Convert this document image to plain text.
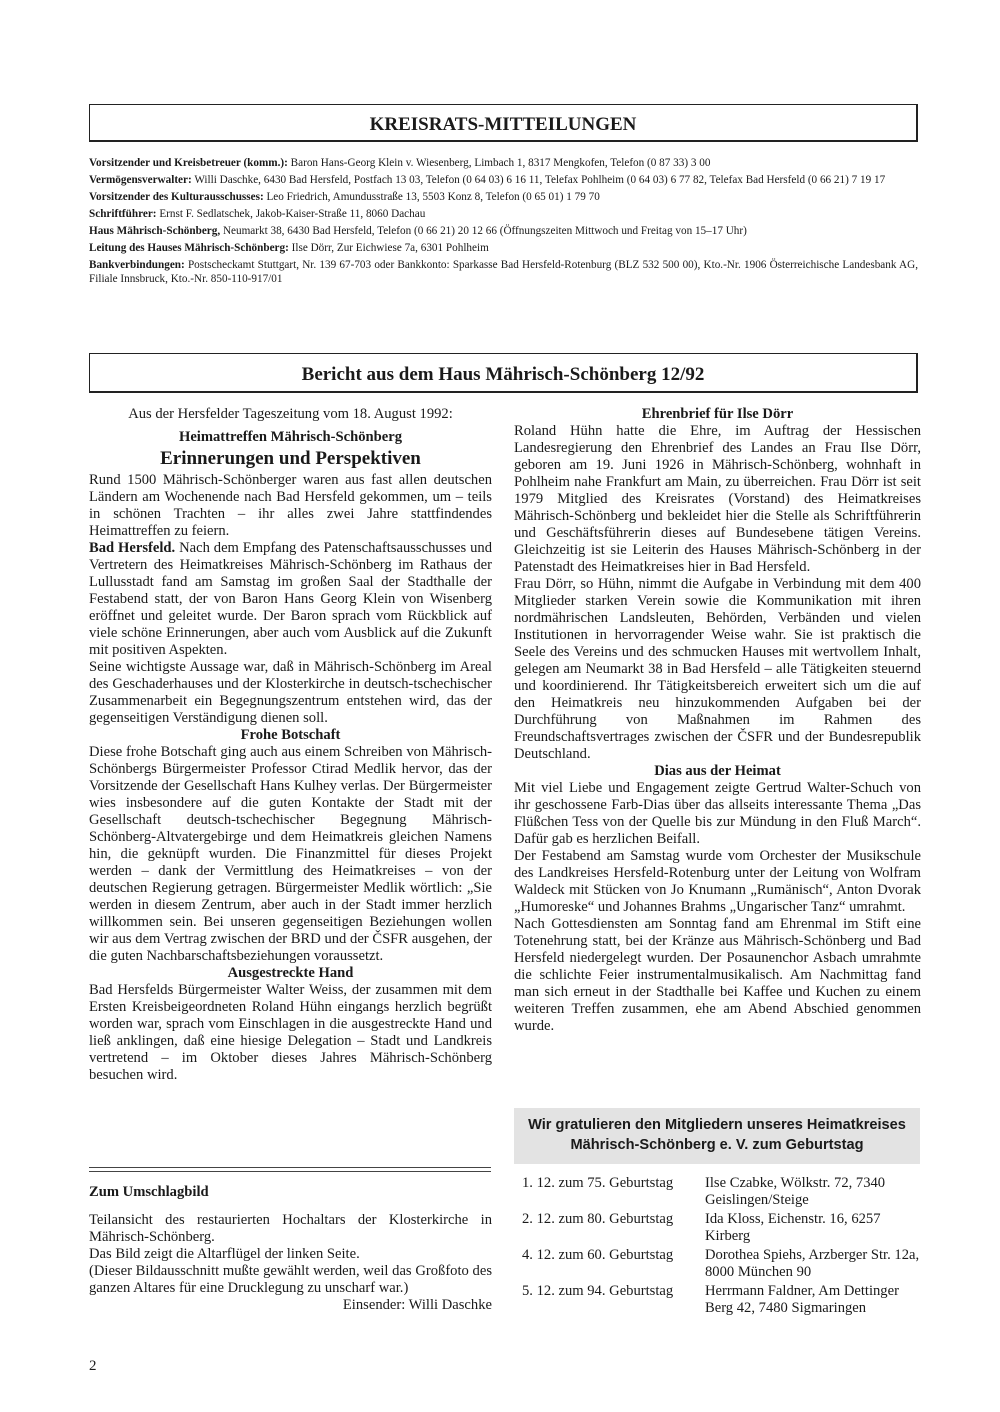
KREISRATS-MITTEILUNGEN

Vorsitzender und Kreisbetreuer (komm.): Baron Hans-Georg Klein v. Wiesenberg, Limbach 1, 8317 Mengkofen, Telefon (0 87 33) 3 00

Vermögensverwalter: Willi Daschke, 6430 Bad Hersfeld, Postfach 13 03, Telefon (0 64 03) 6 16 11, Telefax Pohlheim (0 64 03) 6 77 82, Telefax Bad Hersfeld (0 66 21) 7 19 17

Vorsitzender des Kulturausschusses: Leo Friedrich, Amundusstraße 13, 5503 Konz 8, Telefon (0 65 01) 1 79 70

Schriftführer: Ernst F. Sedlatschek, Jakob-Kaiser-Straße 11, 8060 Dachau

Haus Mährisch-Schönberg, Neumarkt 38, 6430 Bad Hersfeld, Telefon (0 66 21) 20 12 66 (Öffnungszeiten Mittwoch und Freitag von 15–17 Uhr)

Leitung des Hauses Mährisch-Schönberg: Ilse Dörr, Zur Eichwiese 7a, 6301 Pohlheim

Bankverbindungen: Postscheckamt Stuttgart, Nr. 139 67-703 oder Bankkonto: Sparkasse Bad Hersfeld-Rotenburg (BLZ 532 500 00), Kto.-Nr. 1906 Österreichische Landesbank AG, Filiale Innsbruck, Kto.-Nr. 850-110-917/01

Bericht aus dem Haus Mährisch-Schönberg 12/92

Aus der Hersfelder Tageszeitung vom 18. August 1992:

Heimattreffen Mährisch-Schönberg

Erinnerungen und Perspektiven

Rund 1500 Mährisch-Schönberger waren aus fast allen deutschen Ländern am Wochenende nach Bad Hersfeld gekommen, um – teils in schönen Trachten – ihr alles zwei Jahre stattfindendes Heimattreffen zu feiern.

Bad Hersfeld. Nach dem Empfang des Patenschaftsausschusses und Vertretern des Heimatkreises Mährisch-Schönberg im Rathaus der Lullusstadt fand am Samstag im großen Saal der Stadthalle der Festabend statt, der von Baron Hans Georg Klein von Wisenberg eröffnet und geleitet wurde. Der Baron sprach vom Rückblick auf viele schöne Erinnerungen, aber auch vom Ausblick auf die Zukunft mit positiven Aspekten.

Seine wichtigste Aussage war, daß in Mährisch-Schönberg im Areal des Geschaderhauses und der Klosterkirche in deutsch-tschechischer Zusammenarbeit ein Begegnungszentrum entstehen wird, das der gegenseitigen Verständigung dienen soll.

Frohe Botschaft

Diese frohe Botschaft ging auch aus einem Schreiben von Mährisch-Schönbergs Bürgermeister Professor Ctirad Medlik hervor, das der Vorsitzende der Gesellschaft Hans Kulhey verlas. Der Bürgermeister wies insbesondere auf die guten Kontakte der Stadt mit der Gesellschaft deutsch-tschechischer Begegnung Mährisch-Schönberg-Altvatergebirge und dem Heimatkreis gleichen Namens hin, die geknüpft wurden. Die Finanzmittel für dieses Projekt werden – dank der Vermittlung des Heimatkreises – von der deutschen Regierung getragen. Bürgermeister Medlik wörtlich: „Sie werden in diesem Zentrum, aber auch in der Stadt immer herzlich willkommen sein. Bei unseren gegenseitigen Beziehungen wollen wir aus dem Vertrag zwischen der BRD und der ČSFR ausgehen, der die guten Nachbarschaftsbeziehungen voraussetzt.

Ausgestreckte Hand

Bad Hersfelds Bürgermeister Walter Weiss, der zusammen mit dem Ersten Kreisbeigeordneten Roland Hühn eingangs herzlich begrüßt worden war, sprach vom Einschlagen in die ausgestreckte Hand und ließ anklingen, daß eine hiesige Delegation – Stadt und Landkreis vertretend – im Oktober dieses Jahres Mährisch-Schönberg besuchen wird.

Ehrenbrief für Ilse Dörr

Roland Hühn hatte die Ehre, im Auftrag der Hessischen Landesregierung den Ehrenbrief des Landes an Frau Ilse Dörr, geboren am 19. Juni 1926 in Mährisch-Schönberg, wohnhaft in Pohlheim nahe Frankfurt am Main, zu überreichen. Frau Dörr ist seit 1979 Mitglied des Kreisrates (Vorstand) des Heimatkreises Mährisch-Schönberg und bekleidet hier die Stelle als Schriftführerin und Geschäftsführerin dieses auf Bundesebene tätigen Vereins. Gleichzeitig ist sie Leiterin des Hauses Mährisch-Schönberg in der Patenstadt des Heimatkreises hier in Bad Hersfeld.

Frau Dörr, so Hühn, nimmt die Aufgabe in Verbindung mit dem 400 Mitglieder starken Verein sowie die Kommunikation mit ihren nordmährischen Landsleuten, Behörden, Verbänden und vielen Institutionen in hervorragender Weise wahr. Sie ist praktisch die Seele des Vereins und des schmucken Hauses mit wertvollem Inhalt, gelegen am Neumarkt 38 in Bad Hersfeld – alle Tätigkeiten steuernd und koordinierend. Ihr Tätigkeitsbereich erweitert sich um die auf den Heimatkreis neu hinzukommenden Aufgaben bei der Durchführung von Maßnahmen im Rahmen des Freundschaftsvertrages zwischen der ČSFR und der Bundesrepublik Deutschland.

Dias aus der Heimat

Mit viel Liebe und Engagement zeigte Gertrud Walter-Schuch von ihr geschossene Farb-Dias über das allseits interessante Thema „Das Flüßchen Tess von der Quelle bis zur Mündung in den Fluß March“. Dafür gab es herzlichen Beifall.

Der Festabend am Samstag wurde vom Orchester der Musikschule des Landkreises Hersfeld-Rotenburg unter der Leitung von Wolfram Waldeck mit Stücken von Jo Knumann „Rumänisch“, Anton Dvorak „Humoreske“ und Johannes Brahms „Ungarischer Tanz“ umrahmt.

Nach Gottesdiensten am Sonntag fand am Ehrenmal im Stift eine Totenehrung statt, bei der Kränze aus Mährisch-Schönberg und Bad Hersfeld niedergelegt wurden. Der Posaunenchor Asbach umrahmte die schlichte Feier instrumentalmusikalisch. Am Nachmittag fand man sich erneut in der Stadthalle bei Kaffee und Kuchen zu einem weiteren Treffen zusammen, ehe am Abend Abschied genommen wurde.

Zum Umschlagbild

Teilansicht des restaurierten Hochaltars der Klosterkirche in Mährisch-Schönberg.

Das Bild zeigt die Altarflügel der linken Seite.

(Dieser Bildausschnitt mußte gewählt werden, weil das Großfoto des ganzen Altares für eine Drucklegung zu unscharf war.)

Einsender: Willi Daschke

Wir gratulieren den Mitgliedern unseres Heimatkreises
Mährisch-Schönberg e. V. zum Geburtstag
1. 12. zum 75. Geburtstag	Ilse Czabke, Wölkstr. 72, 7340 Geislingen/Steige
2. 12. zum 80. Geburtstag	Ida Kloss, Eichenstr. 16, 6257 Kirberg
4. 12. zum 60. Geburtstag	Dorothea Spiehs, Arzberger Str. 12a, 8000 München 90
5. 12. zum 94. Geburtstag	Herrmann Faldner, Am Dettinger Berg 42, 7480 Sigmaringen
2
